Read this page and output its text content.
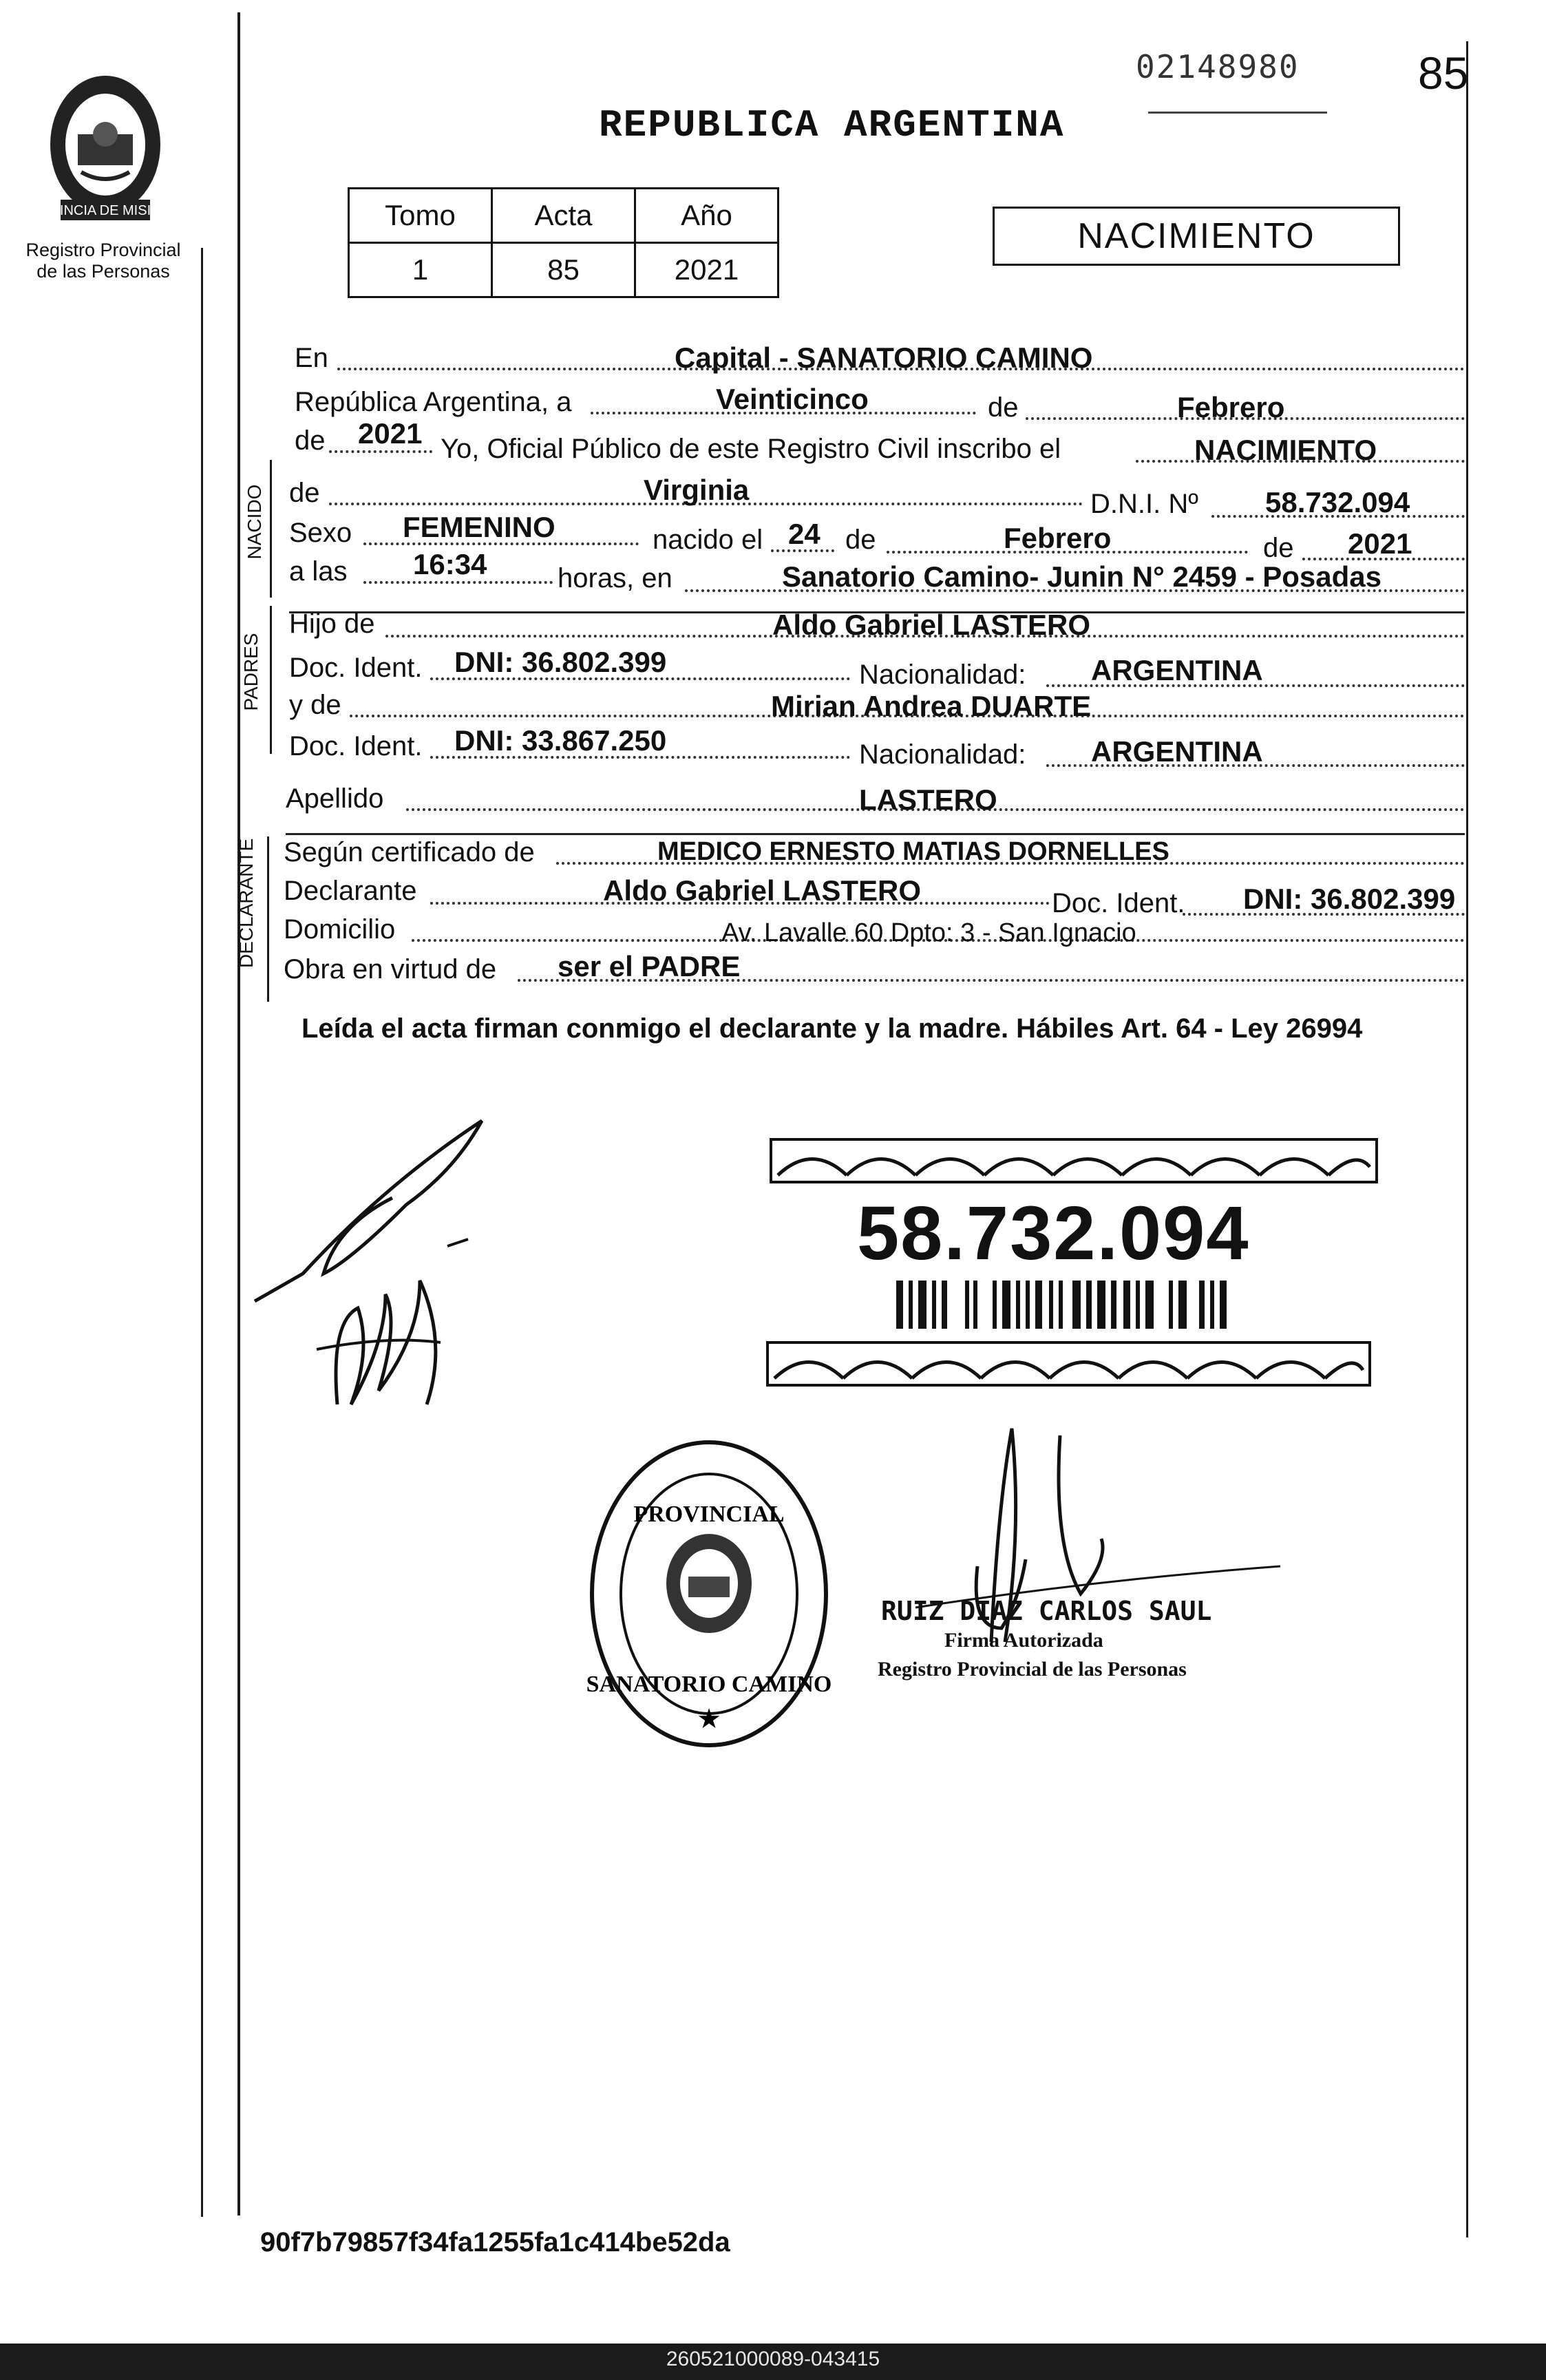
PROVINCIA DE MISIONES
Registro Provincial
de las Personas
02148980	85
REPUBLICA ARGENTINA
Tomo	Acta	Año
1	85	2021
NACIMIENTO
En	Capital - SANATORIO CAMINO
República Argentina, a	Veinticinco	de	Febrero
de 2021 Yo, Oficial Público de este Registro Civil inscribo el	NACIMIENTO
NACIDO de	Virginia	D.N.I. Nº 58.732.094
Sexo FEMENINO	nacido el 24 de	Febrero	de 2021
a las 16:34	horas, en	Sanatorio Camino- Junin N° 2459 - Posadas
PADRES
Hijo de	Aldo Gabriel LASTERO
Doc. Ident. DNI: 36.802.399	Nacionalidad: ARGENTINA
y de	Mirian Andrea DUARTE
Doc. Ident. DNI: 33.867.250	Nacionalidad: ARGENTINA
Apellido	LASTERO
DECLARANTE Según certificado de	MEDICO ERNESTO MATIAS DORNELLES
Declarante	Aldo Gabriel LASTERO	Doc. Ident. DNI: 36.802.399
Domicilio	Av. Lavalle 60 Dpto: 3 - San Ignacio
Obra en virtud de ser el PADRE
Leída el acta firman conmigo el declarante y la madre. Hábiles Art. 64 - Ley 26994
58.732.094
PROVINCIAL
SANATORIO CAMINO
★
RUIZ DIAZ CARLOS SAUL
Firma Autorizada
Registro Provincial de las Personas
90f7b79857f34fa1255fa1c414be52da
260521000089-043415
